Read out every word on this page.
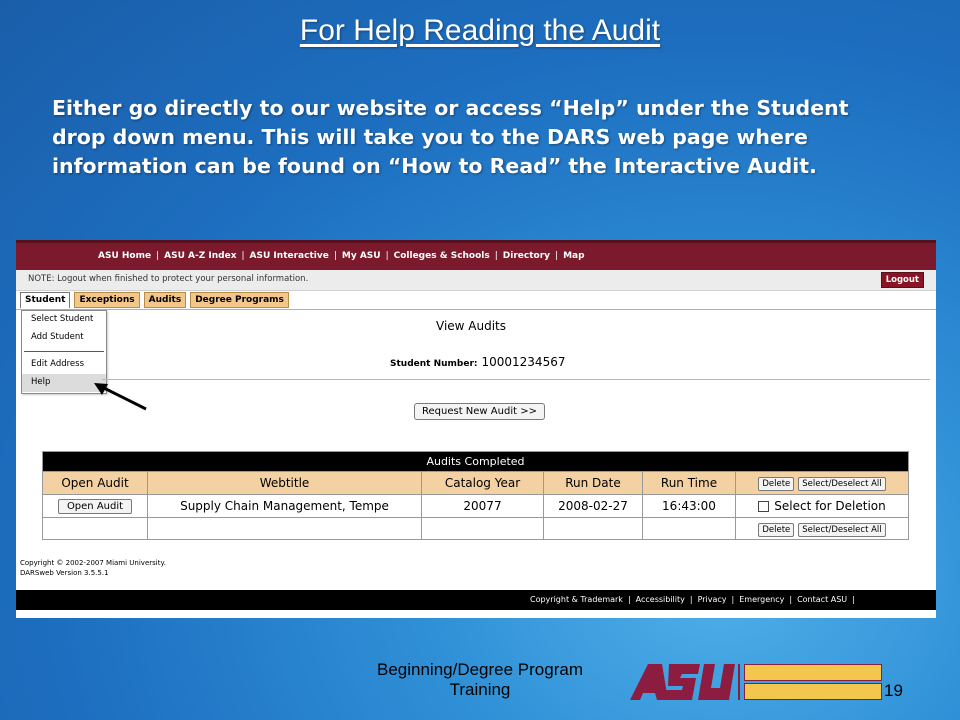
For Help Reading the Audit
Either go directly to our website or access “Help” under the Student drop down menu. This will take you to the DARS web page where information can be found on “How to Read” the Interactive Audit.
ASU Home | ASU A-Z Index | ASU Interactive | My ASU | Colleges & Schools | Directory | Map
NOTE: Logout when finished to protect your personal information.	Logout
Student	Exceptions	Audits	Degree Programs
Select Student
Add Student
Edit Address
Help
View Audits
Student Number: 10001234567
Request New Audit >>
Audits Completed					
Open Audit	Webtitle	Catalog Year	Run Date	Run Time	Delete Select/Deselect All
Open Audit	Supply Chain Management, Tempe	20077	2008-02-27	16:43:00	Select for Deletion
					Delete Select/Deselect All
Copyright © 2002-2007 Miami University.
DARSweb Version 3.5.5.1
Copyright & Trademark | Accessibility | Privacy | Emergency | Contact ASU |
Beginning/Degree Program
Training	19
